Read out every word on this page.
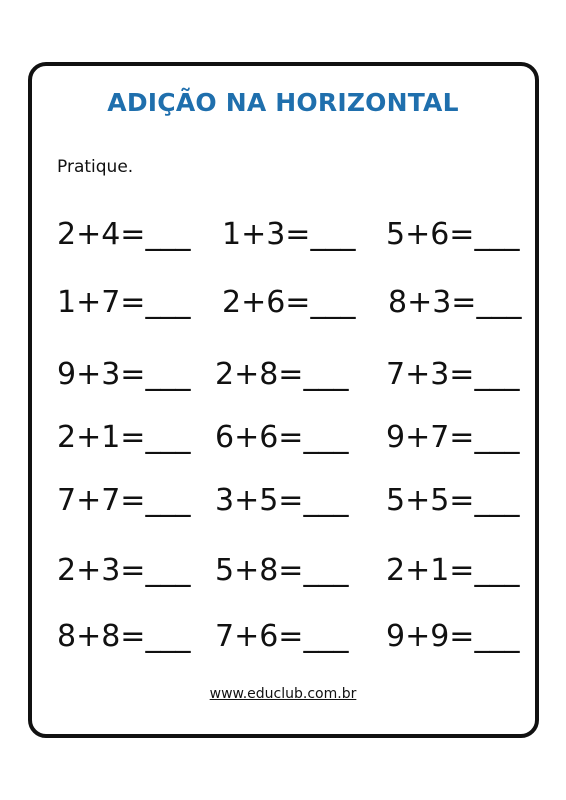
ADIÇÃO NA HORIZONTAL
Pratique.
2+4=___ 1+3=___ 5+6=___
1+7=___ 2+6=___ 8+3=___
9+3=___ 2+8=___ 7+3=___
2+1=___ 6+6=___ 9+7=___
7+7=___ 3+5=___ 5+5=___
2+3=___ 5+8=___ 2+1=___
8+8=___ 7+6=___ 9+9=___
www.educlub.com.br
